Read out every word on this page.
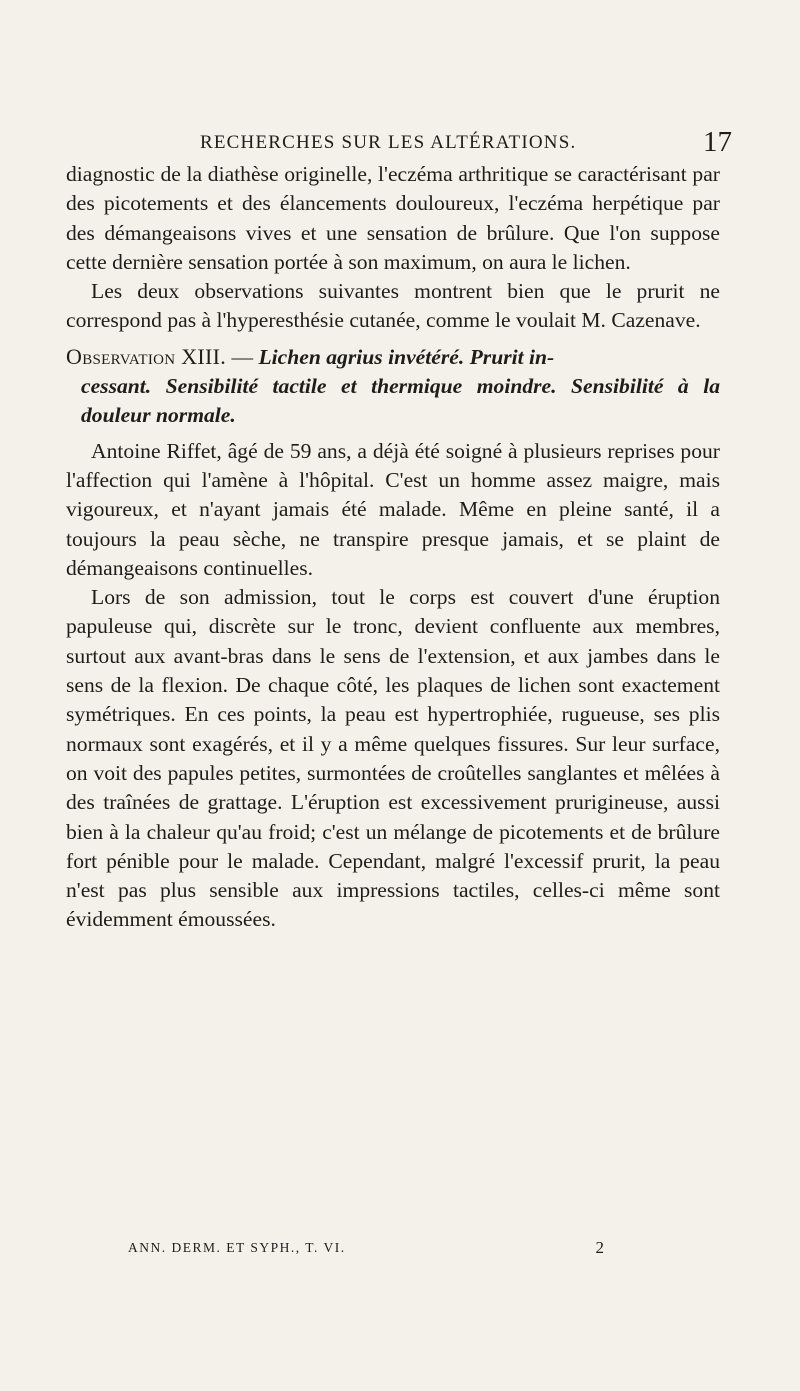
RECHERCHES SUR LES ALTÉRATIONS.	17

diagnostic de la diathèse originelle, l'eczéma arthritique se caractérisant par des picotements et des élancements douloureux, l'eczéma herpétique par des démangeaisons vives et une sensation de brûlure. Que l'on suppose cette dernière sensation portée à son maximum, on aura le lichen.

Les deux observations suivantes montrent bien que le prurit ne correspond pas à l'hyperesthésie cutanée, comme le voulait M. Cazenave.

Observation XIII. — Lichen agrius invétéré. Prurit in-
cessant. Sensibilité tactile et thermique moindre. Sensibilité à la douleur normale.

Antoine Riffet, âgé de 59 ans, a déjà été soigné à plusieurs reprises pour l'affection qui l'amène à l'hôpital. C'est un homme assez maigre, mais vigoureux, et n'ayant jamais été malade. Même en pleine santé, il a toujours la peau sèche, ne transpire presque jamais, et se plaint de démangeaisons continuelles.

Lors de son admission, tout le corps est couvert d'une éruption papuleuse qui, discrète sur le tronc, devient confluente aux membres, surtout aux avant-bras dans le sens de l'extension, et aux jambes dans le sens de la flexion. De chaque côté, les plaques de lichen sont exactement symétriques. En ces points, la peau est hypertrophiée, rugueuse, ses plis normaux sont exagérés, et il y a même quelques fissures. Sur leur surface, on voit des papules petites, surmontées de croûtelles sanglantes et mêlées à des traînées de grattage. L'éruption est excessivement prurigineuse, aussi bien à la chaleur qu'au froid; c'est un mélange de picotements et de brûlure fort pénible pour le malade. Cependant, malgré l'excessif prurit, la peau n'est pas plus sensible aux impressions tactiles, celles-ci même sont évidemment émoussées.

ANN. DERM. ET SYPH., T. VI.	2
